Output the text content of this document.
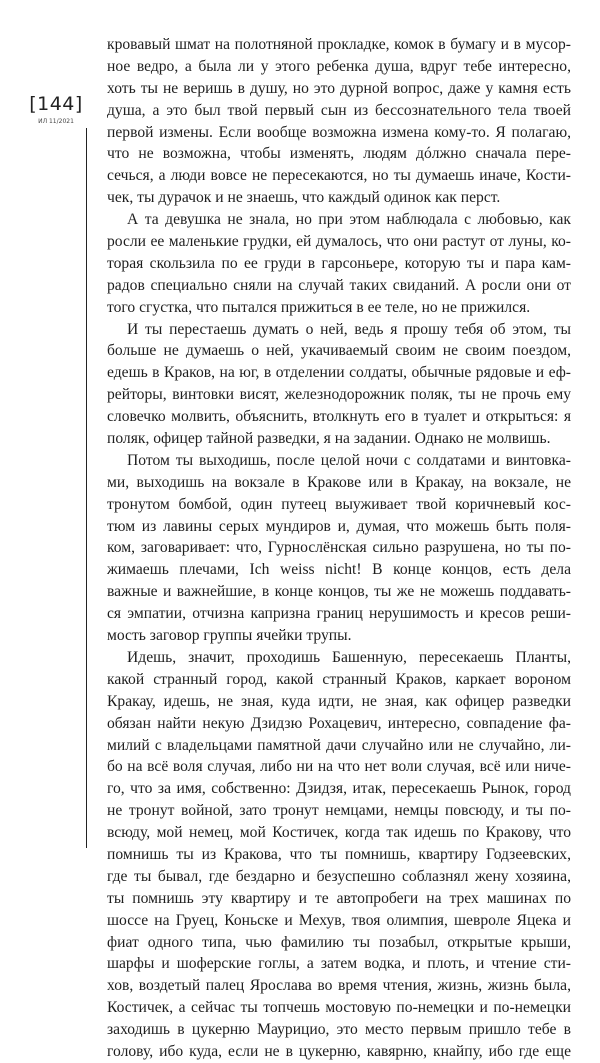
[144]
ИЛ 11/2021
кровавый шмат на полотняной прокладке, комок в бумагу и в мусор-
ное ведро, а была ли у этого ребенка душа, вдруг тебе интересно,
хоть ты не веришь в душу, но это дурной вопрос, даже у камня есть
душа, а это был твой первый сын из бессознательного тела твоей
первой измены. Если вообще возможна измена кому-то. Я полагаю,
что не возможна, чтобы изменять, людям дóлжно сначала пере-
сечься, а люди вовсе не пересекаются, но ты думаешь иначе, Кости-
чек, ты дурачок и не знаешь, что каждый одинок как перст.
А та девушка не знала, но при этом наблюдала с любовью, как
росли ее маленькие грудки, ей думалось, что они растут от луны, ко-
торая скользила по ее груди в гарсоньере, которую ты и пара кам-
радов специально сняли на случай таких свиданий. А росли они от
того сгустка, что пытался прижиться в ее теле, но не прижился.
И ты перестаешь думать о ней, ведь я прошу тебя об этом, ты
больше не думаешь о ней, укачиваемый своим не своим поездом,
едешь в Краков, на юг, в отделении солдаты, обычные рядовые и еф-
рейторы, винтовки висят, железнодорожник поляк, ты не прочь ему
словечко молвить, объяснить, втолкнуть его в туалет и открыться: я
поляк, офицер тайной разведки, я на задании. Однако не молвишь.
Потом ты выходишь, после целой ночи с солдатами и винтовка-
ми, выходишь на вокзале в Кракове или в Кракау, на вокзале, не
тронутом бомбой, один путеец выуживает твой коричневый кос-
тюм из лавины серых мундиров и, думая, что можешь быть поля-
ком, заговаривает: что, Гурнослёнская сильно разрушена, но ты по-
жимаешь плечами, Ich weiss nicht! В конце концов, есть дела
важные и важнейшие, в конце концов, ты же не можешь поддавать-
ся эмпатии, отчизна капризна границ нерушимость и кресов реши-
мость заговор группы ячейки трупы.
Идешь, значит, проходишь Башенную, пересекаешь Планты,
какой странный город, какой странный Краков, каркает вороном
Кракау, идешь, не зная, куда идти, не зная, как офицер разведки
обязан найти некую Дзидзю Рохацевич, интересно, совпадение фа-
милий с владельцами памятной дачи случайно или не случайно, ли-
бо на всё воля случая, либо ни на что нет воли случая, всё или ниче-
го, что за имя, собственно: Дзидзя, итак, пересекаешь Рынок, город
не тронут войной, зато тронут немцами, немцы повсюду, и ты по-
всюду, мой немец, мой Костичек, когда так идешь по Кракову, что
помнишь ты из Кракова, что ты помнишь, квартиру Годзеевских,
где ты бывал, где бездарно и безуспешно соблазнял жену хозяина,
ты помнишь эту квартиру и те автопробеги на трех машинах по
шоссе на Груец, Коньске и Мехув, твоя олимпия, шевроле Яцека и
фиат одного типа, чью фамилию ты позабыл, открытые крыши,
шарфы и шоферские гоглы, а затем водка, и плоть, и чтение сти-
хов, воздетый палец Ярослава во время чтения, жизнь, жизнь была,
Костичек, а сейчас ты топчешь мостовую по-немецки и по-немецки
заходишь в цукерню Маурицио, это место первым пришло тебе в
голову, ибо куда, если не в цукерню, кавярню, кнайпу, ибо где еще
